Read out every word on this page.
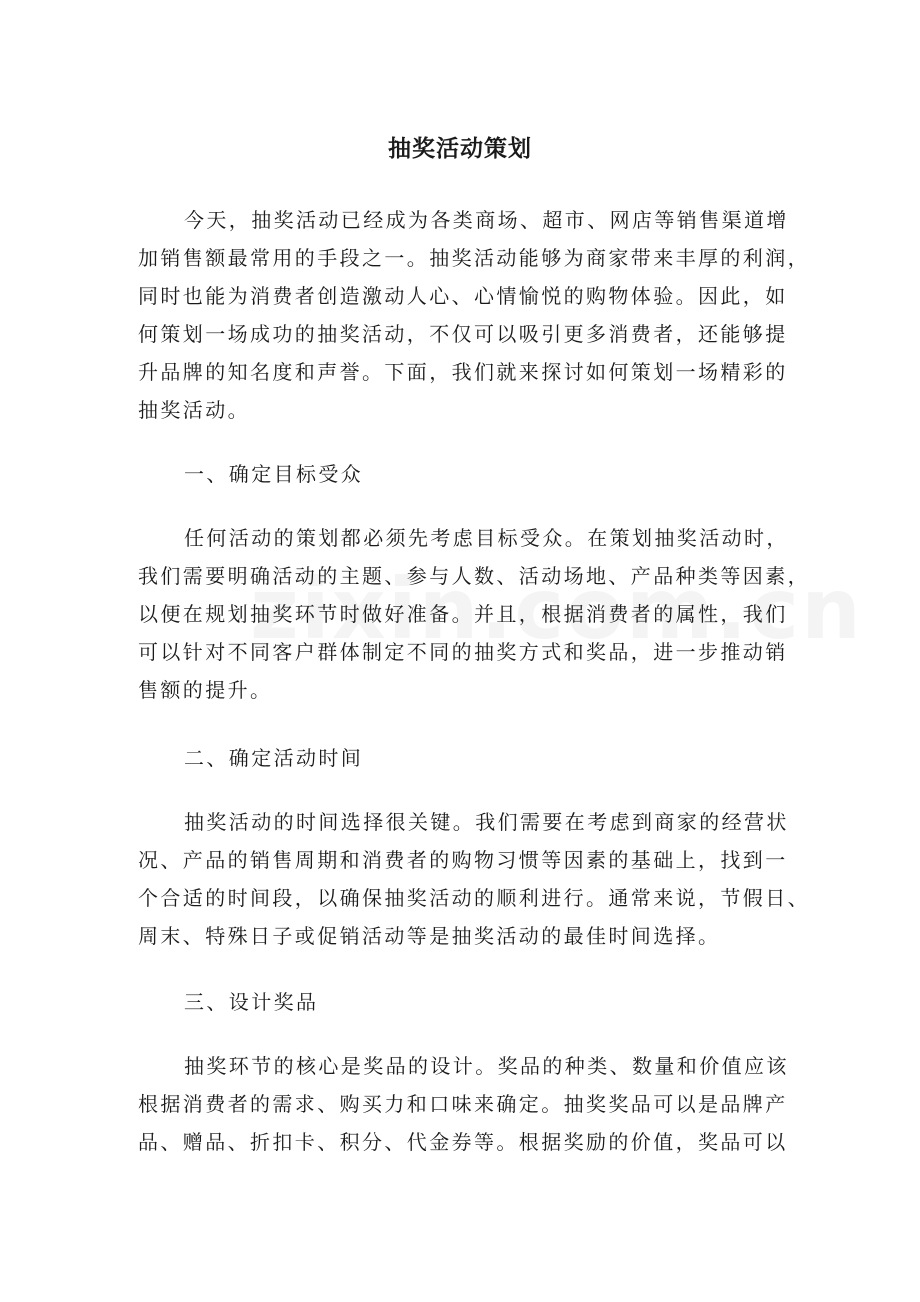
抽奖活动策划
今天，抽奖活动已经成为各类商场、超市、网店等销售渠道增
加销售额最常用的手段之一。抽奖活动能够为商家带来丰厚的利润，
同时也能为消费者创造激动人心、心情愉悦的购物体验。因此，如
何策划一场成功的抽奖活动，不仅可以吸引更多消费者，还能够提
升品牌的知名度和声誉。下面，我们就来探讨如何策划一场精彩的
抽奖活动。
一、确定目标受众
任何活动的策划都必须先考虑目标受众。在策划抽奖活动时，
我们需要明确活动的主题、参与人数、活动场地、产品种类等因素，
以便在规划抽奖环节时做好准备。并且，根据消费者的属性，我们
可以针对不同客户群体制定不同的抽奖方式和奖品，进一步推动销
售额的提升。
二、确定活动时间
抽奖活动的时间选择很关键。我们需要在考虑到商家的经营状
况、产品的销售周期和消费者的购物习惯等因素的基础上，找到一
个合适的时间段，以确保抽奖活动的顺利进行。通常来说，节假日、
周末、特殊日子或促销活动等是抽奖活动的最佳时间选择。
三、设计奖品
抽奖环节的核心是奖品的设计。奖品的种类、数量和价值应该
根据消费者的需求、购买力和口味来确定。抽奖奖品可以是品牌产
品、赠品、折扣卡、积分、代金券等。根据奖励的价值，奖品可以
